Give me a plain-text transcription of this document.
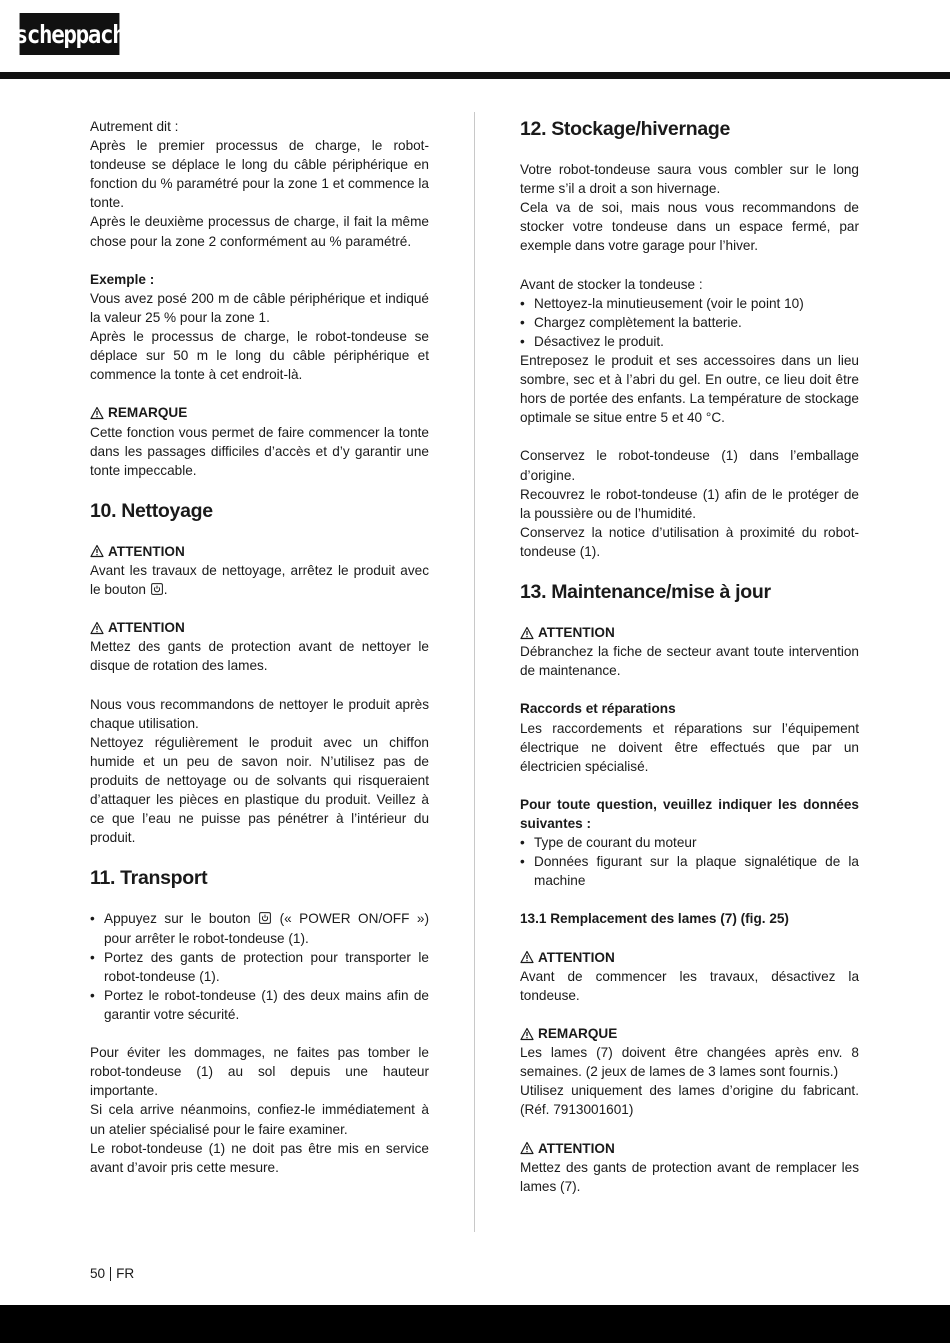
scheppach

Autrement dit :

Après le premier processus de charge, le robot-tondeuse se déplace le long du câble périphérique en fonction du % paramétré pour la zone 1 et commence la tonte.

Après le deuxième processus de charge, il fait la même chose pour la zone 2 conformément au % paramétré.

Exemple :

Vous avez posé 200 m de câble périphérique et indiqué la valeur 25 % pour la zone 1.

Après le processus de charge, le robot-tondeuse se déplace sur 50 m le long du câble périphérique et commence la tonte à cet endroit-là.

REMARQUE

Cette fonction vous permet de faire commencer la tonte dans les passages difficiles d’accès et d’y garantir une tonte impeccable.

10. Nettoyage
ATTENTION

Avant les travaux de nettoyage, arrêtez le produit avec le bouton .

ATTENTION

Mettez des gants de protection avant de nettoyer le disque de rotation des lames.

Nous vous recommandons de nettoyer le produit après chaque utilisation.

Nettoyez régulièrement le produit avec un chiffon humide et un peu de savon noir. N’utilisez pas de produits de nettoyage ou de solvants qui risqueraient d’attaquer les pièces en plastique du produit. Veillez à ce que l’eau ne puisse pas pénétrer à l’intérieur du produit.

11. Transport
• Appuyez sur le bouton (« POWER ON/OFF ») pour arrêter le robot-tondeuse (1).
• Portez des gants de protection pour transporter le robot-tondeuse (1).
• Portez le robot-tondeuse (1) des deux mains afin de garantir votre sécurité.

Pour éviter les dommages, ne faites pas tomber le robot-tondeuse (1) au sol depuis une hauteur importante.

Si cela arrive néanmoins, confiez-le immédiatement à un atelier spécialisé pour le faire examiner.

Le robot-tondeuse (1) ne doit pas être mis en service avant d’avoir pris cette mesure.

12. Stockage/hivernage

Votre robot-tondeuse saura vous combler sur le long terme s’il a droit a son hivernage.

Cela va de soi, mais nous vous recommandons de stocker votre tondeuse dans un espace fermé, par exemple dans votre garage pour l’hiver.

Avant de stocker la tondeuse :

• Nettoyez-la minutieusement (voir le point 10)
• Chargez complètement la batterie.
• Désactivez le produit.

Entreposez le produit et ses accessoires dans un lieu sombre, sec et à l’abri du gel. En outre, ce lieu doit être hors de portée des enfants. La température de stockage optimale se situe entre 5 et 40 °C.

Conservez le robot-tondeuse (1) dans l’emballage d’origine.

Recouvrez le robot-tondeuse (1) afin de le protéger de la poussière ou de l’humidité.

Conservez la notice d’utilisation à proximité du robot-tondeuse (1).

13. Maintenance/mise à jour
ATTENTION

Débranchez la fiche de secteur avant toute intervention de maintenance.

Raccords et réparations

Les raccordements et réparations sur l’équipement électrique ne doivent être effectués que par un électricien spécialisé.

Pour toute question, veuillez indiquer les données suivantes :

• Type de courant du moteur
• Données figurant sur la plaque signalétique de la machine

13.1 Remplacement des lames (7) (fig. 25)

ATTENTION

Avant de commencer les travaux, désactivez la tondeuse.

REMARQUE

Les lames (7) doivent être changées après env. 8 semaines. (2 jeux de lames de 3 lames sont fournis.)

Utilisez uniquement des lames d’origine du fabricant. (Réf. 7913001601)

ATTENTION

Mettez des gants de protection avant de remplacer les lames (7).

50 FR
